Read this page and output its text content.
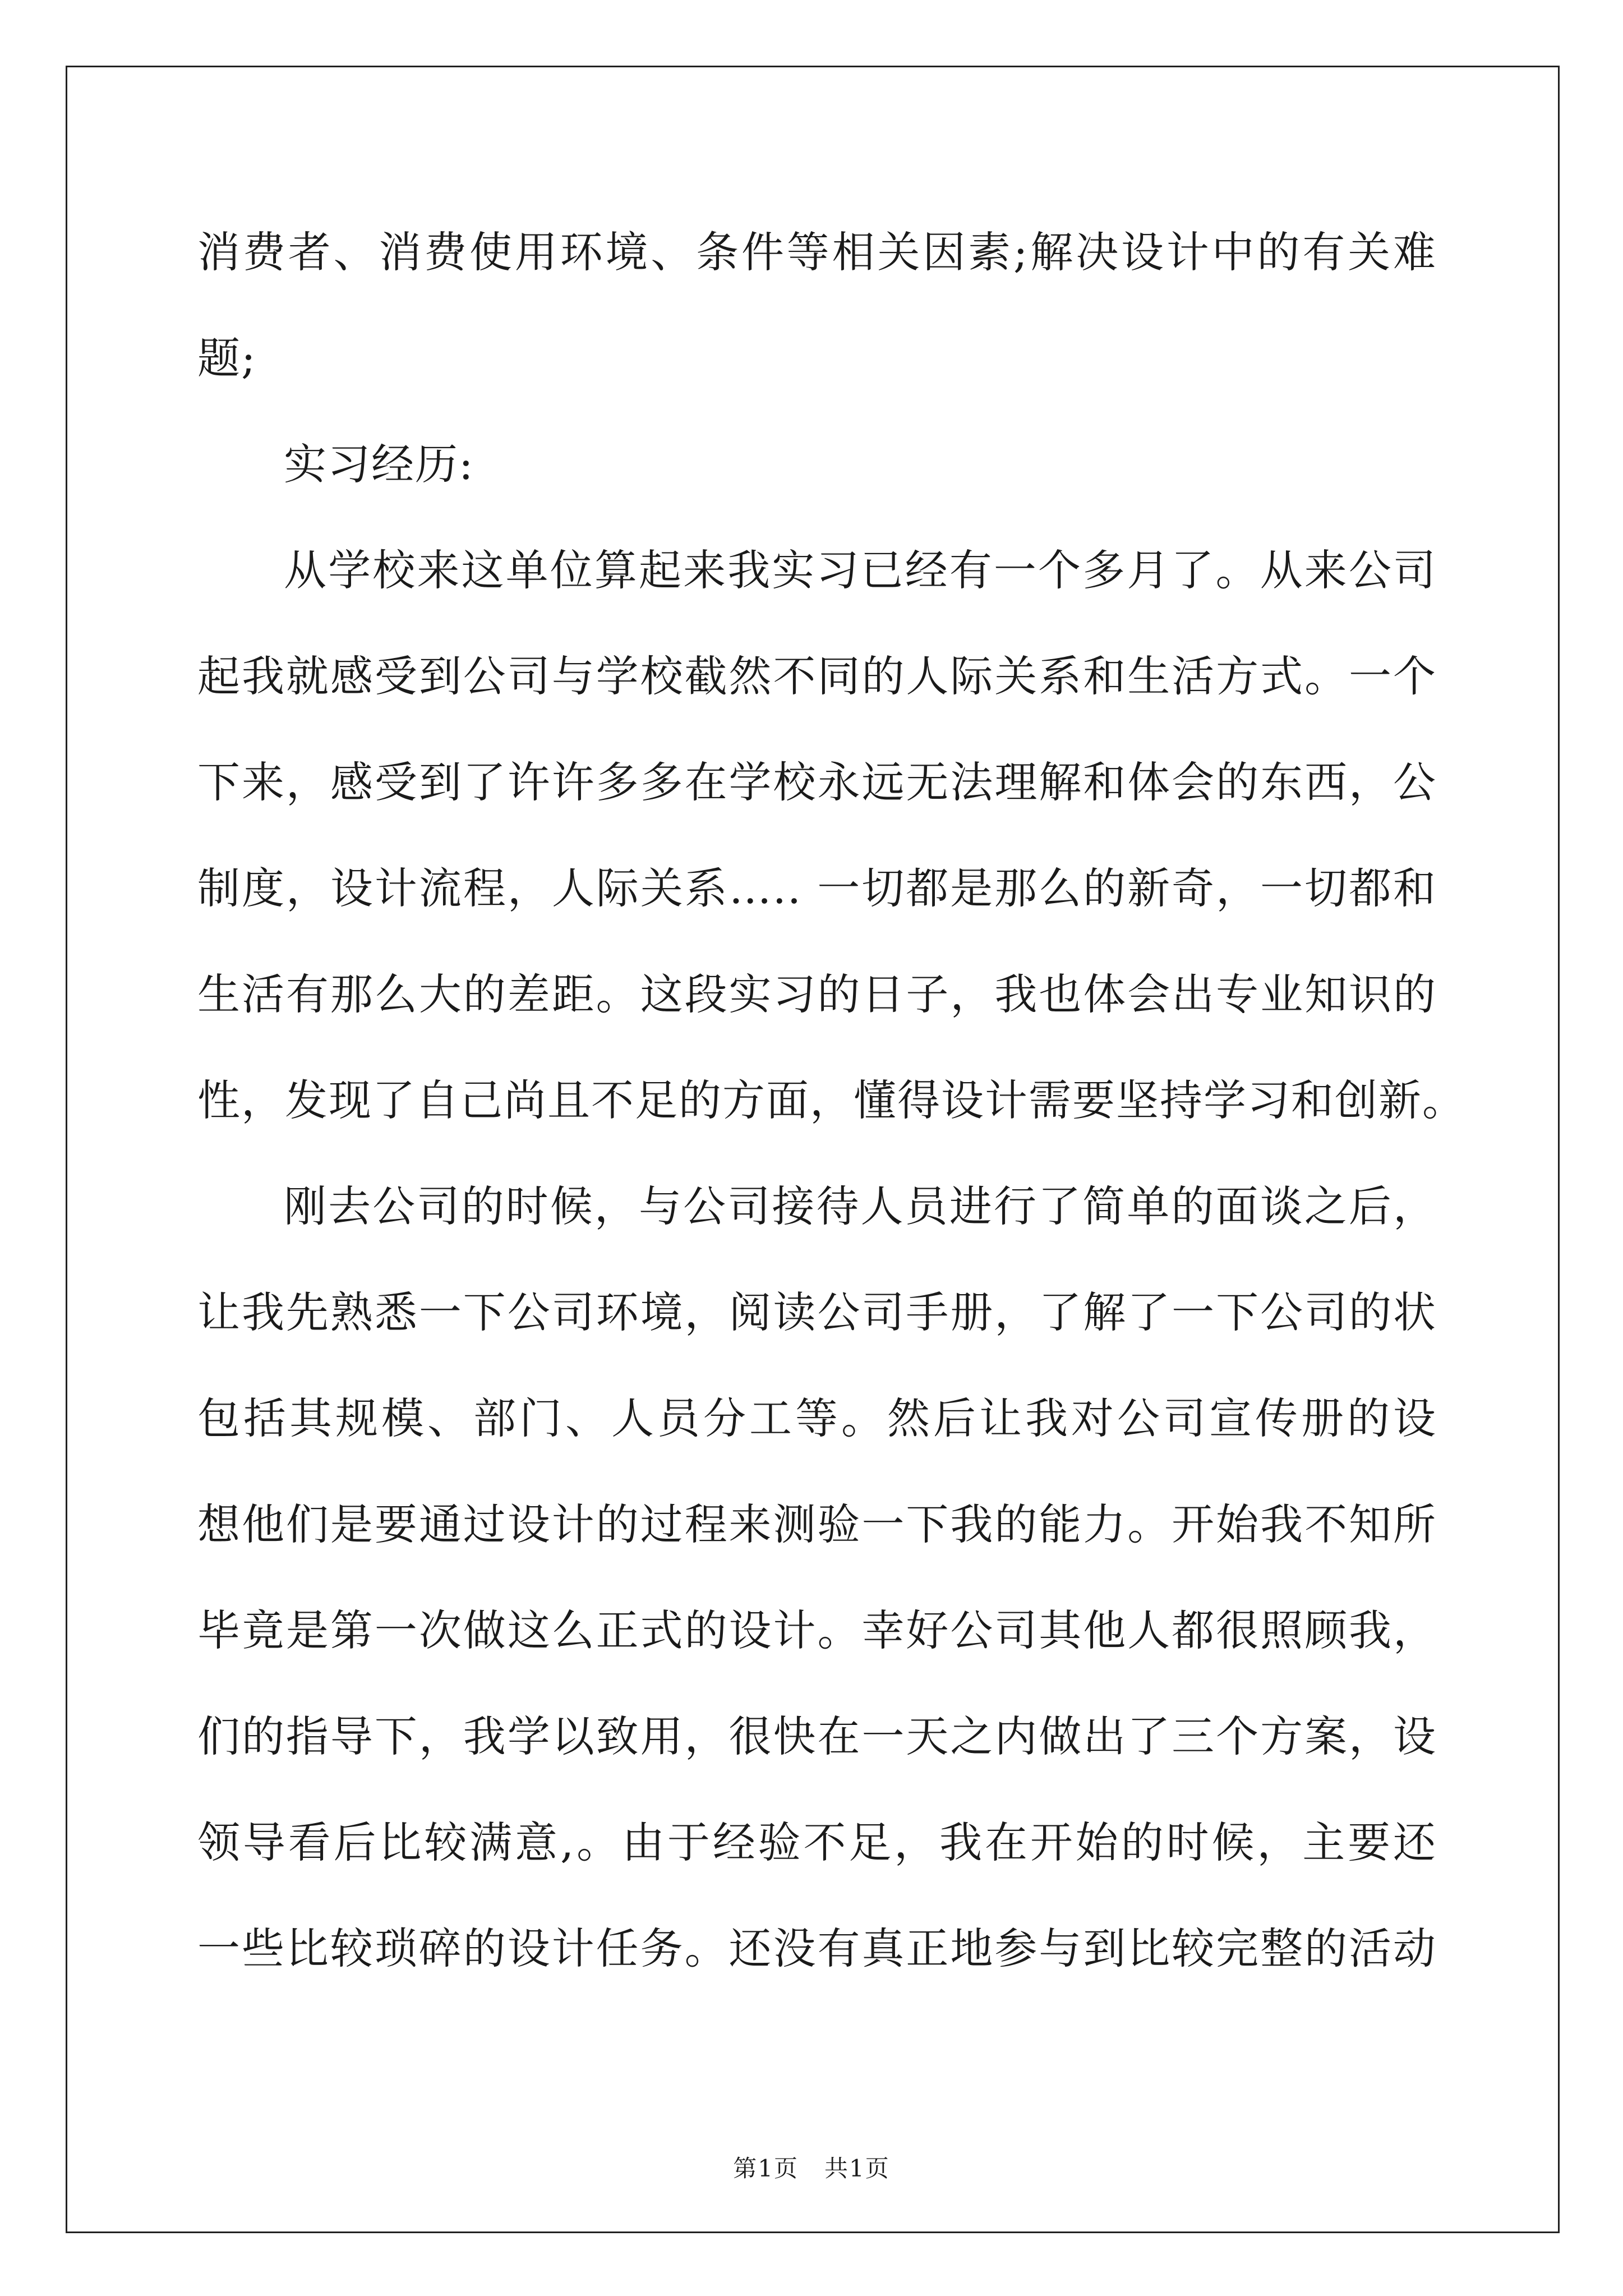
消费者、消费使用环境、条件等相关因素;解决设计中的有关难
题;
实习经历:
从学校来这单位算起来我实习已经有一个多月了。从来公司
起我就感受到公司与学校截然不同的人际关系和生活方式。一个
下来，感受到了许许多多在学校永远无法理解和体会的东西，公
制度，设计流程，人际关系….. 一切都是那么的新奇，一切都和
生活有那么大的差距。这段实习的日子，我也体会出专业知识的
性，发现了自己尚且不足的方面，懂得设计需要坚持学习和创新。
刚去公司的时候，与公司接待人员进行了简单的面谈之后，
让我先熟悉一下公司环境，阅读公司手册，了解了一下公司的状
包括其规模、部门、人员分工等。然后让我对公司宣传册的设
想他们是要通过设计的过程来测验一下我的能力。开始我不知所
毕竟是第一次做这么正式的设计。幸好公司其他人都很照顾我，
们的指导下，我学以致用，很快在一天之内做出了三个方案，设
领导看后比较满意,。由于经验不足，我在开始的时候，主要还
一些比较琐碎的设计任务。还没有真正地参与到比较完整的活动
第1页   共1页
